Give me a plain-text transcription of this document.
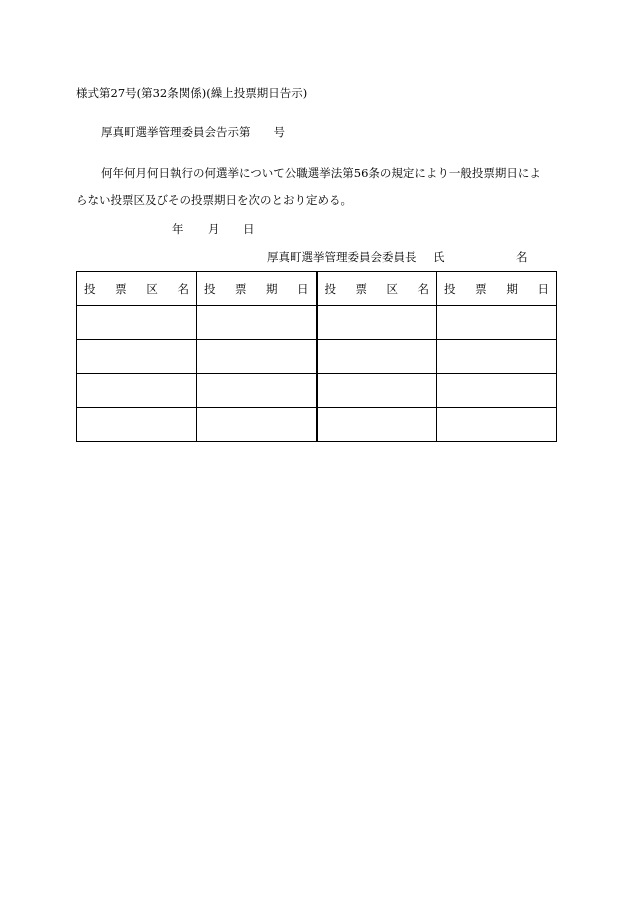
様式第27号(第32条関係)(繰上投票期日告示)
厚真町選挙管理委員会告示第　　号
何年何月何日執行の何選挙について公職選挙法第56条の規定により一般投票期日によ
らない投票区及びその投票期日を次のとおり定める。
年 月 日
厚真町選挙管理委員会委員長 氏	名
投 票 区 名	投 票 期 日	投 票 区 名	投 票 期 日
